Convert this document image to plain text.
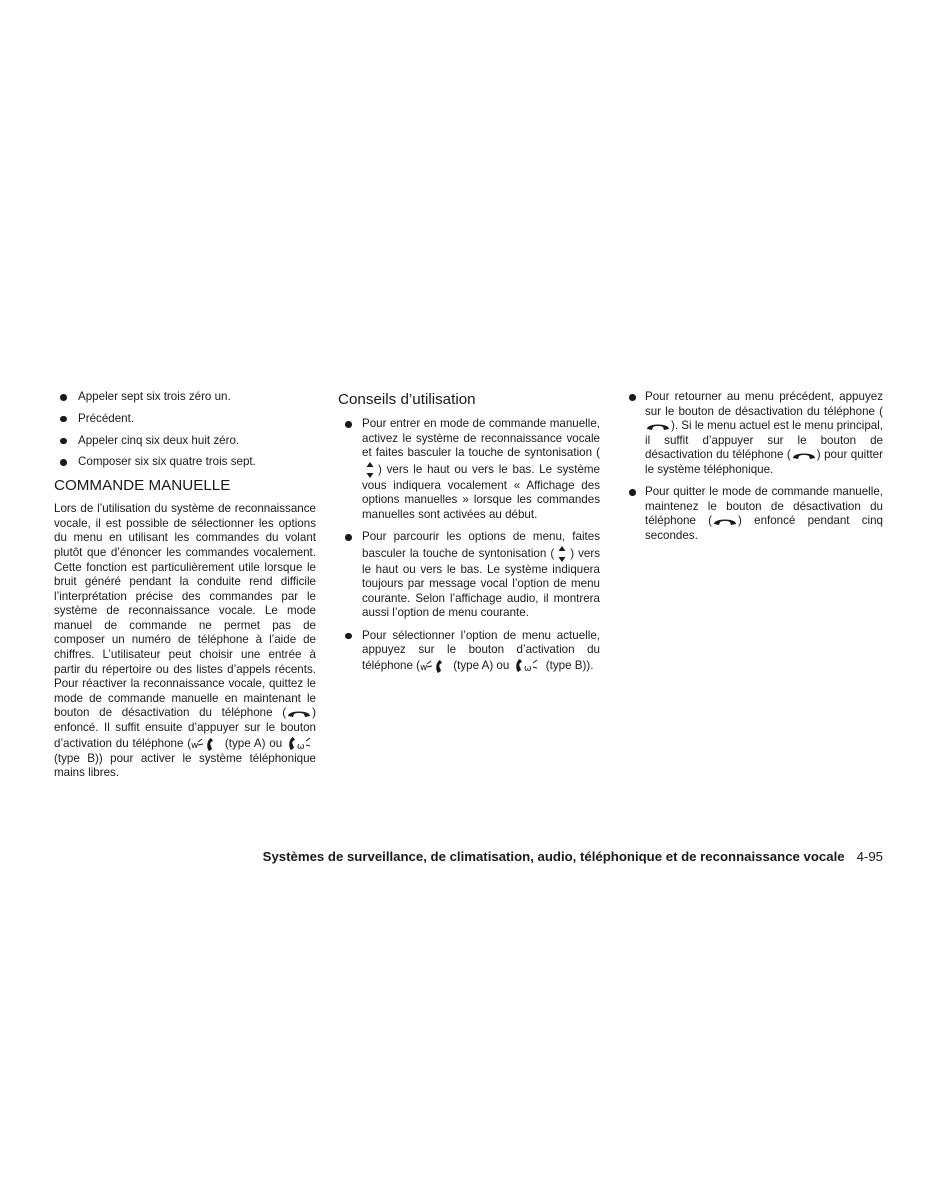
Appeler sept six trois zéro un.
Précédent.
Appeler cinq six deux huit zéro.
Composer six six quatre trois sept.
COMMANDE MANUELLE

Lors de l’utilisation du système de reconnaissance vocale, il est possible de sélectionner les options du menu en utilisant les commandes du volant plutôt que d’énoncer les commandes vocalement. Cette fonction est particulièrement utile lorsque le bruit généré pendant la conduite rend difficile l’interprétation précise des commandes par le système de reconnaissance vocale. Le mode manuel de commande ne permet pas de composer un numéro de téléphone à l’aide de chiffres. L’utilisateur peut choisir une entrée à partir du répertoire ou des listes d’appels récents. Pour réactiver la reconnaissance vocale, quittez le mode de commande manuelle en maintenant le bouton de désactivation du téléphone ( ) enfoncé. Il suffit ensuite d’appuyer sur le bouton d’activation du téléphone ( w (type A) ou ω
(type B)) pour activer le système téléphonique mains libres.

Conseils d’utilisation
Pour entrer en mode de commande manuelle, activez le système de reconnaissance vocale et faites basculer la touche de syntonisation (
) vers le haut ou vers le bas. Le système vous indiquera vocalement « Affichage des options manuelles » lorsque les commandes manuelles sont activées au début.
Pour parcourir les options de menu, faites basculer la touche de syntonisation ( ) vers le haut ou vers le bas. Le système indiquera toujours par message vocal l’option de menu courante. Selon l’affichage audio, il montrera aussi l’option de menu courante.
Pour sélectionner l’option de menu actuelle, appuyez sur le bouton d’activation du téléphone ( w (type A) ou ω (type B)).
Pour retourner au menu précédent, appuyez sur le bouton de désactivation du téléphone (
). Si le menu actuel est le menu principal, il suffit d’appuyer sur le bouton de désactivation du téléphone ( ) pour quitter le système téléphonique.
Pour quitter le mode de commande manuelle, maintenez le bouton de désactivation du téléphone ( ) enfoncé pendant cinq secondes.
Systèmes de surveillance, de climatisation, audio, téléphonique et de reconnaissance vocale 4-95
